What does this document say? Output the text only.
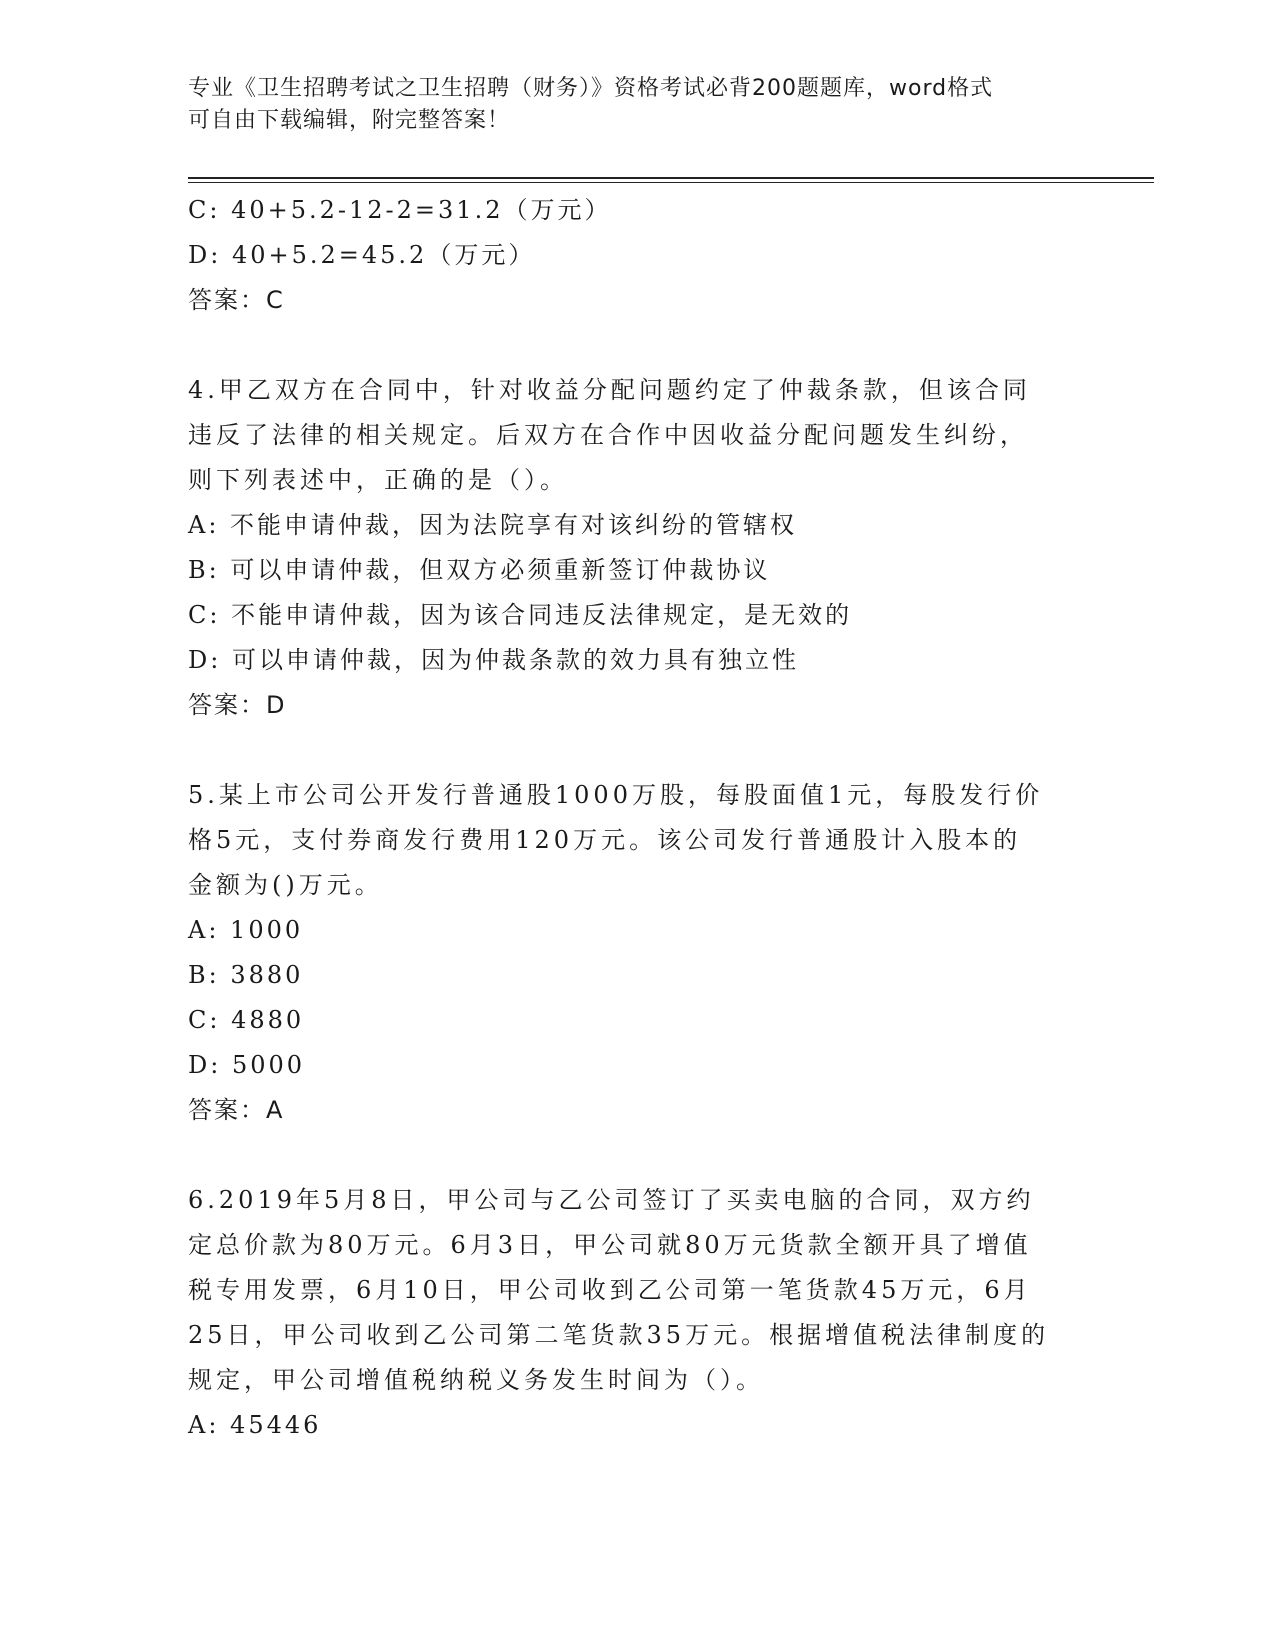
专业《卫生招聘考试之卫生招聘（财务）》资格考试必背200题题库，word格式
可自由下载编辑，附完整答案！
C: 40+5.2-12-2=31.2（万元）
D: 40+5.2=45.2（万元）
答案：C
4.甲乙双方在合同中，针对收益分配问题约定了仲裁条款，但该合同
违反了法律的相关规定。后双方在合作中因收益分配问题发生纠纷，
则下列表述中，正确的是（）。
A: 不能申请仲裁，因为法院享有对该纠纷的管辖权
B: 可以申请仲裁，但双方必须重新签订仲裁协议
C: 不能申请仲裁，因为该合同违反法律规定，是无效的
D: 可以申请仲裁，因为仲裁条款的效力具有独立性
答案：D
5.某上市公司公开发行普通股1000万股，每股面值1元，每股发行价
格5元，支付券商发行费用120万元。该公司发行普通股计入股本的
金额为()万元。
A: 1000
B: 3880
C: 4880
D: 5000
答案：A
6.2019年5月8日，甲公司与乙公司签订了买卖电脑的合同，双方约
定总价款为80万元。6月3日，甲公司就80万元货款全额开具了增值
税专用发票，6月10日，甲公司收到乙公司第一笔货款45万元，6月
25日，甲公司收到乙公司第二笔货款35万元。根据增值税法律制度的
规定，甲公司增值税纳税义务发生时间为（）。
A: 45446
